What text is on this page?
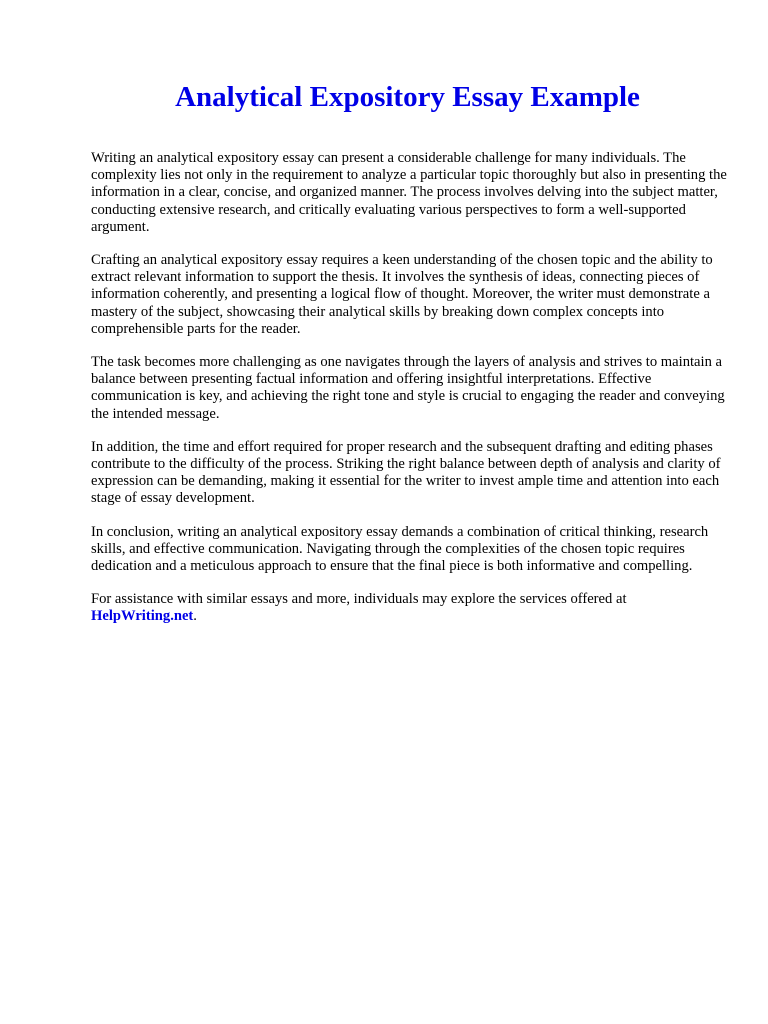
Analytical Expository Essay Example

Writing an analytical expository essay can present a considerable challenge for many individuals. The complexity lies not only in the requirement to analyze a particular topic thoroughly but also in presenting the information in a clear, concise, and organized manner. The process involves delving into the subject matter, conducting extensive research, and critically evaluating various perspectives to form a well-supported argument.

Crafting an analytical expository essay requires a keen understanding of the chosen topic and the ability to extract relevant information to support the thesis. It involves the synthesis of ideas, connecting pieces of information coherently, and presenting a logical flow of thought. Moreover, the writer must demonstrate a mastery of the subject, showcasing their analytical skills by breaking down complex concepts into comprehensible parts for the reader.

The task becomes more challenging as one navigates through the layers of analysis and strives to maintain a balance between presenting factual information and offering insightful interpretations. Effective communication is key, and achieving the right tone and style is crucial to engaging the reader and conveying the intended message.

In addition, the time and effort required for proper research and the subsequent drafting and editing phases contribute to the difficulty of the process. Striking the right balance between depth of analysis and clarity of expression can be demanding, making it essential for the writer to invest ample time and attention into each stage of essay development.

In conclusion, writing an analytical expository essay demands a combination of critical thinking, research skills, and effective communication. Navigating through the complexities of the chosen topic requires dedication and a meticulous approach to ensure that the final piece is both informative and compelling.

For assistance with similar essays and more, individuals may explore the services offered at
HelpWriting.net.
